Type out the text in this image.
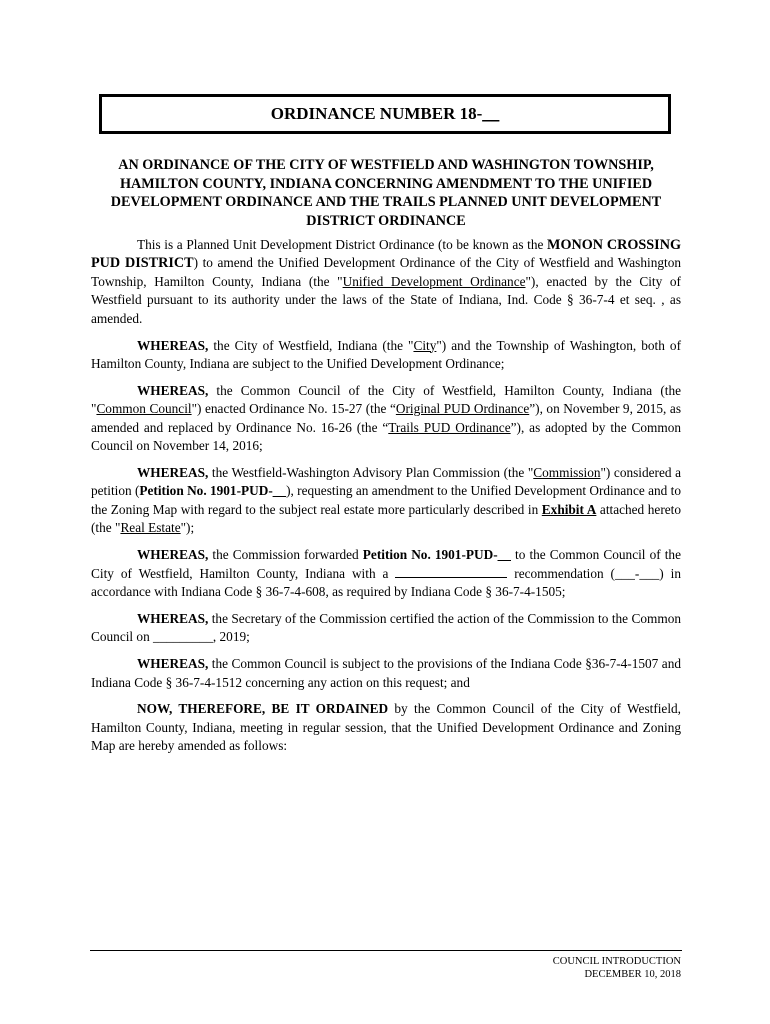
ORDINANCE NUMBER 18- __
AN ORDINANCE OF THE CITY OF WESTFIELD AND WASHINGTON TOWNSHIP, HAMILTON COUNTY, INDIANA CONCERNING AMENDMENT TO THE UNIFIED DEVELOPMENT ORDINANCE AND THE TRAILS PLANNED UNIT DEVELOPMENT DISTRICT ORDINANCE

This is a Planned Unit Development District Ordinance (to be known as the MONON CROSSING PUD DISTRICT) to amend the Unified Development Ordinance of the City of Westfield and Washington Township, Hamilton County, Indiana (the "Unified Development Ordinance"), enacted by the City of Westfield pursuant to its authority under the laws of the State of Indiana, Ind. Code § 36-7-4 et seq. , as amended.

WHEREAS, the City of Westfield, Indiana (the "City") and the Township of Washington, both of Hamilton County, Indiana are subject to the Unified Development Ordinance;

WHEREAS, the Common Council of the City of Westfield, Hamilton County, Indiana (the "Common Council") enacted Ordinance No. 15-27 (the “Original PUD Ordinance”), on November 9, 2015, as amended and replaced by Ordinance No. 16-26 (the “Trails PUD Ordinance”), as adopted by the Common Council on November 14, 2016;

WHEREAS, the Westfield-Washington Advisory Plan Commission (the "Commission") considered a petition (Petition No. 1901-PUD-__), requesting an amendment to the Unified Development Ordinance and to the Zoning Map with regard to the subject real estate more particularly described in Exhibit A attached hereto (the "Real Estate");

WHEREAS, the Commission forwarded Petition No. 1901-PUD-__ to the Common Council of the City of Westfield, Hamilton County, Indiana with a	recommendation (___-___) in accordance with Indiana Code § 36-7-4-608, as required by Indiana Code § 36-7-4-1505;

WHEREAS, the Secretary of the Commission certified the action of the Commission to the Common Council on _________, 2019;

WHEREAS, the Common Council is subject to the provisions of the Indiana Code §36-7-4-1507 and Indiana Code § 36-7-4-1512 concerning any action on this request; and

NOW, THEREFORE, BE IT ORDAINED by the Common Council of the City of Westfield, Hamilton County, Indiana, meeting in regular session, that the Unified Development Ordinance and Zoning Map are hereby amended as follows:

COUNCIL INTRODUCTION
DECEMBER 10, 2018
